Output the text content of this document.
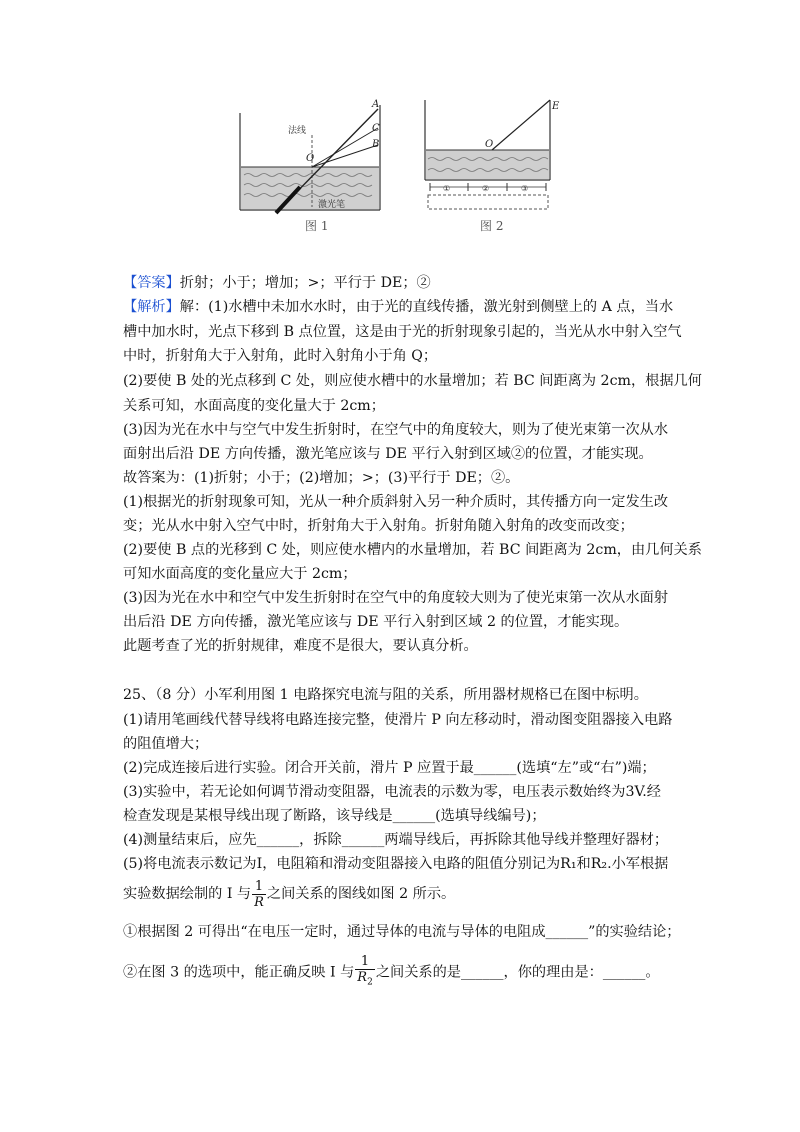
法线
O
A
C
B
激光笔
E
O
①	②	③
图 1	图 2
【答案】折射；小于；增加；>；平行于 DE；②
【解析】解：(1)水槽中未加水水时，由于光的直线传播，激光射到侧壁上的 A 点，当水
槽中加水时，光点下移到 B 点位置，这是由于光的折射现象引起的，当光从水中射入空气
中时，折射角大于入射角，此时入射角小于角 Q；
(2)要使 B 处的光点移到 C 处，则应使水槽中的水量增加；若 BC 间距离为 2cm，根据几何
关系可知，水面高度的变化量大于 2cm；
(3)因为光在水中与空气中发生折射时，在空气中的角度较大，则为了使光束第一次从水
面射出后沿 DE 方向传播，激光笔应该与 DE 平行入射到区域②的位置，才能实现。
故答案为：(1)折射；小于；(2)增加；>；(3)平行于 DE；②。
(1)根据光的折射现象可知，光从一种介质斜射入另一种介质时，其传播方向一定发生改
变；光从水中射入空气中时，折射角大于入射角。折射角随入射角的改变而改变；
(2)要使 B 点的光移到 C 处，则应使水槽内的水量增加，若 BC 间距离为 2cm，由几何关系
可知水面高度的变化量应大于 2cm；
(3)因为光在水中和空气中发生折射时在空气中的角度较大则为了使光束第一次从水面射
出后沿 DE 方向传播，激光笔应该与 DE 平行入射到区域 2 的位置，才能实现。
此题考查了光的折射规律，难度不是很大，要认真分析。
25、（8 分）小军利用图 1 电路探究电流与阻的关系，所用器材规格已在图中标明。
(1)请用笔画线代替导线将电路连接完整，使滑片 P 向左移动时，滑动图变阻器接入电路
的阻值增大；
(2)完成连接后进行实验。闭合开关前，滑片 P 应置于最______(选填“左”或“右”)端；
(3)实验中，若无论如何调节滑动变阻器，电流表的示数为零，电压表示数始终为3V.经
检查发现是某根导线出现了断路，该导线是______(选填导线编号)；
(4)测量结束后，应先______，拆除______两端导线后，再拆除其他导线并整理好器材；
(5)将电流表示数记为I，电阻箱和滑动变阻器接入电路的阻值分别记为R₁和R₂.小军根据
实验数据绘制的 I 与 $\frac{1}{R}$ 之间关系的图线如图 2 所示。
①根据图 2 可得出“在电压一定时，通过导体的电流与导体的电阻成______”的实验结论；
②在图 3 的选项中，能正确反映 I 与 $\frac{1}{R_2}$ 之间关系的是______，你的理由是：______。
